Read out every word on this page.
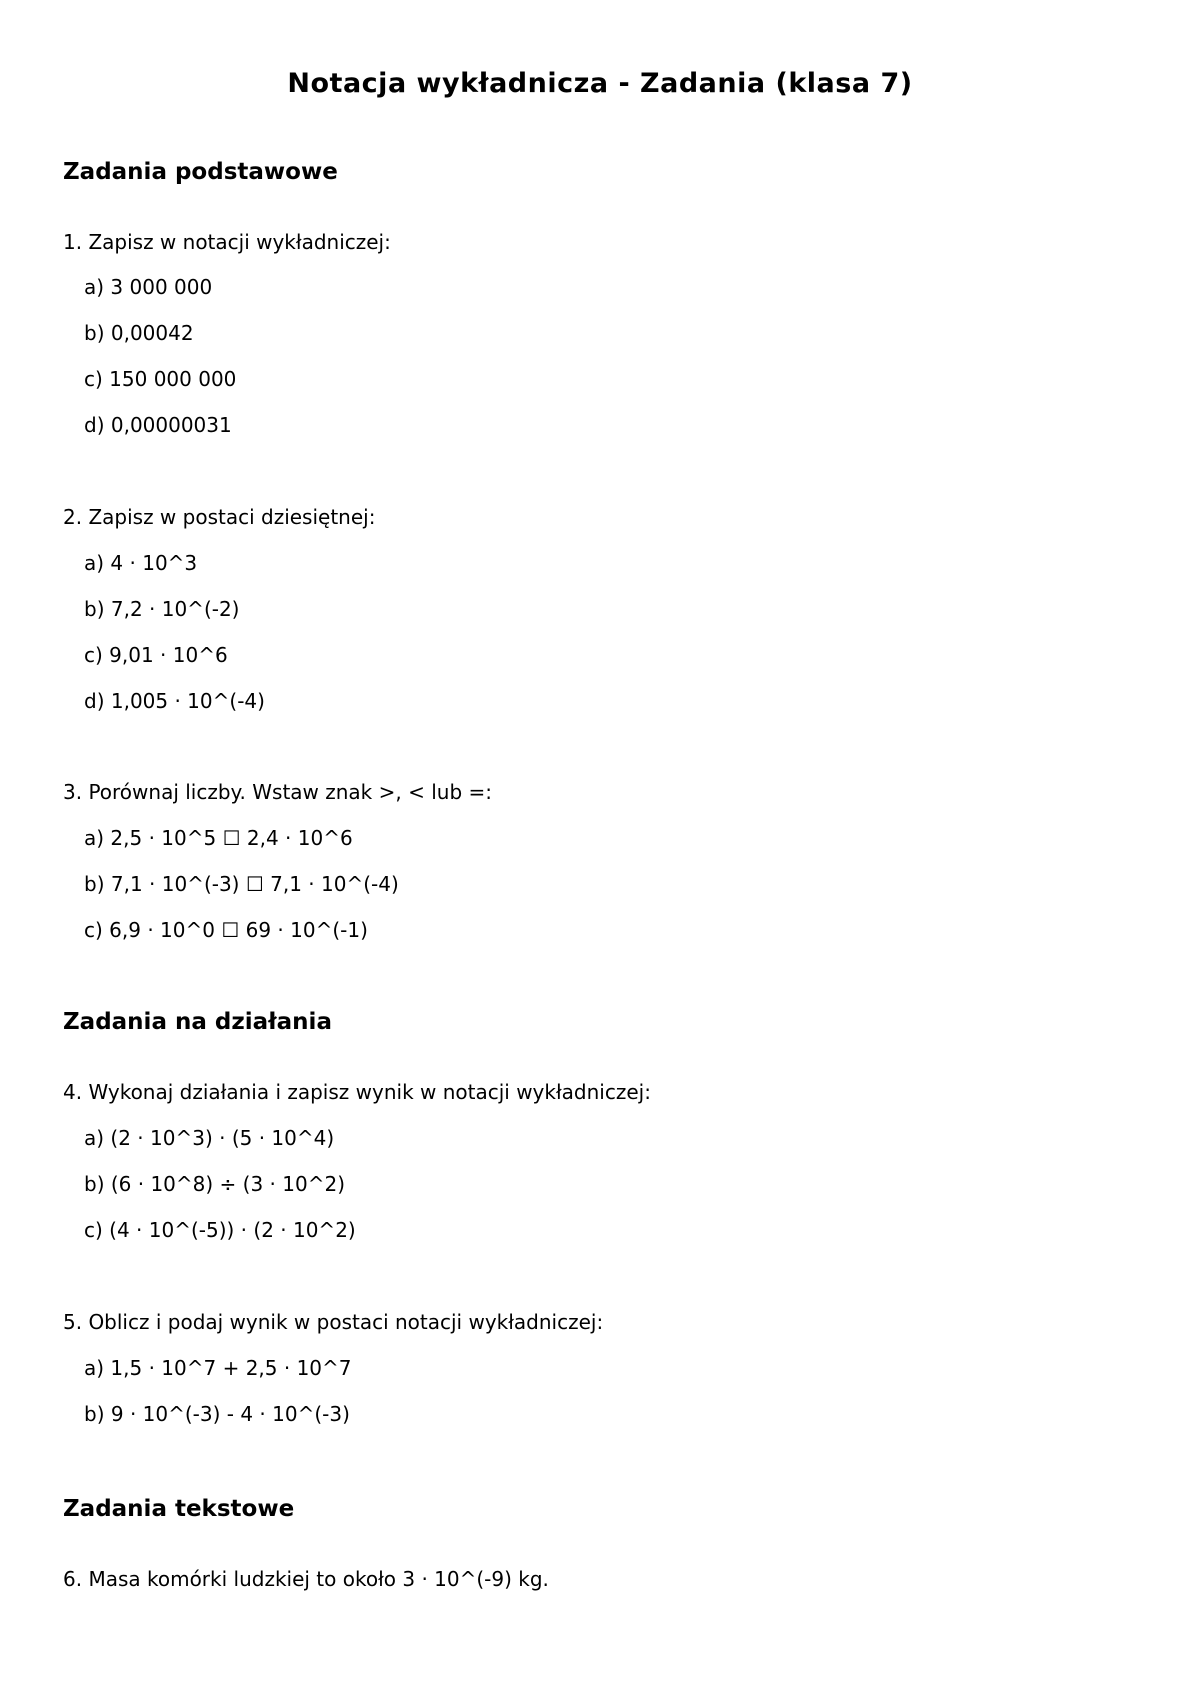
Notacja wykładnicza - Zadania (klasa 7)
Zadania podstawowe
1. Zapisz w notacji wykładniczej:
a) 3 000 000
b) 0,00042
c) 150 000 000
d) 0,00000031
2. Zapisz w postaci dziesiętnej:
a) 4 · 10^3
b) 7,2 · 10^(-2)
c) 9,01 · 10^6
d) 1,005 · 10^(-4)
3. Porównaj liczby. Wstaw znak >, < lub =:
a) 2,5 · 10^5 ☐ 2,4 · 10^6
b) 7,1 · 10^(-3) ☐ 7,1 · 10^(-4)
c) 6,9 · 10^0 ☐ 69 · 10^(-1)
Zadania na działania
4. Wykonaj działania i zapisz wynik w notacji wykładniczej:
a) (2 · 10^3) · (5 · 10^4)
b) (6 · 10^8) ÷ (3 · 10^2)
c) (4 · 10^(-5)) · (2 · 10^2)
5. Oblicz i podaj wynik w postaci notacji wykładniczej:
a) 1,5 · 10^7 + 2,5 · 10^7
b) 9 · 10^(-3) - 4 · 10^(-3)
Zadania tekstowe
6. Masa komórki ludzkiej to około 3 · 10^(-9) kg.
